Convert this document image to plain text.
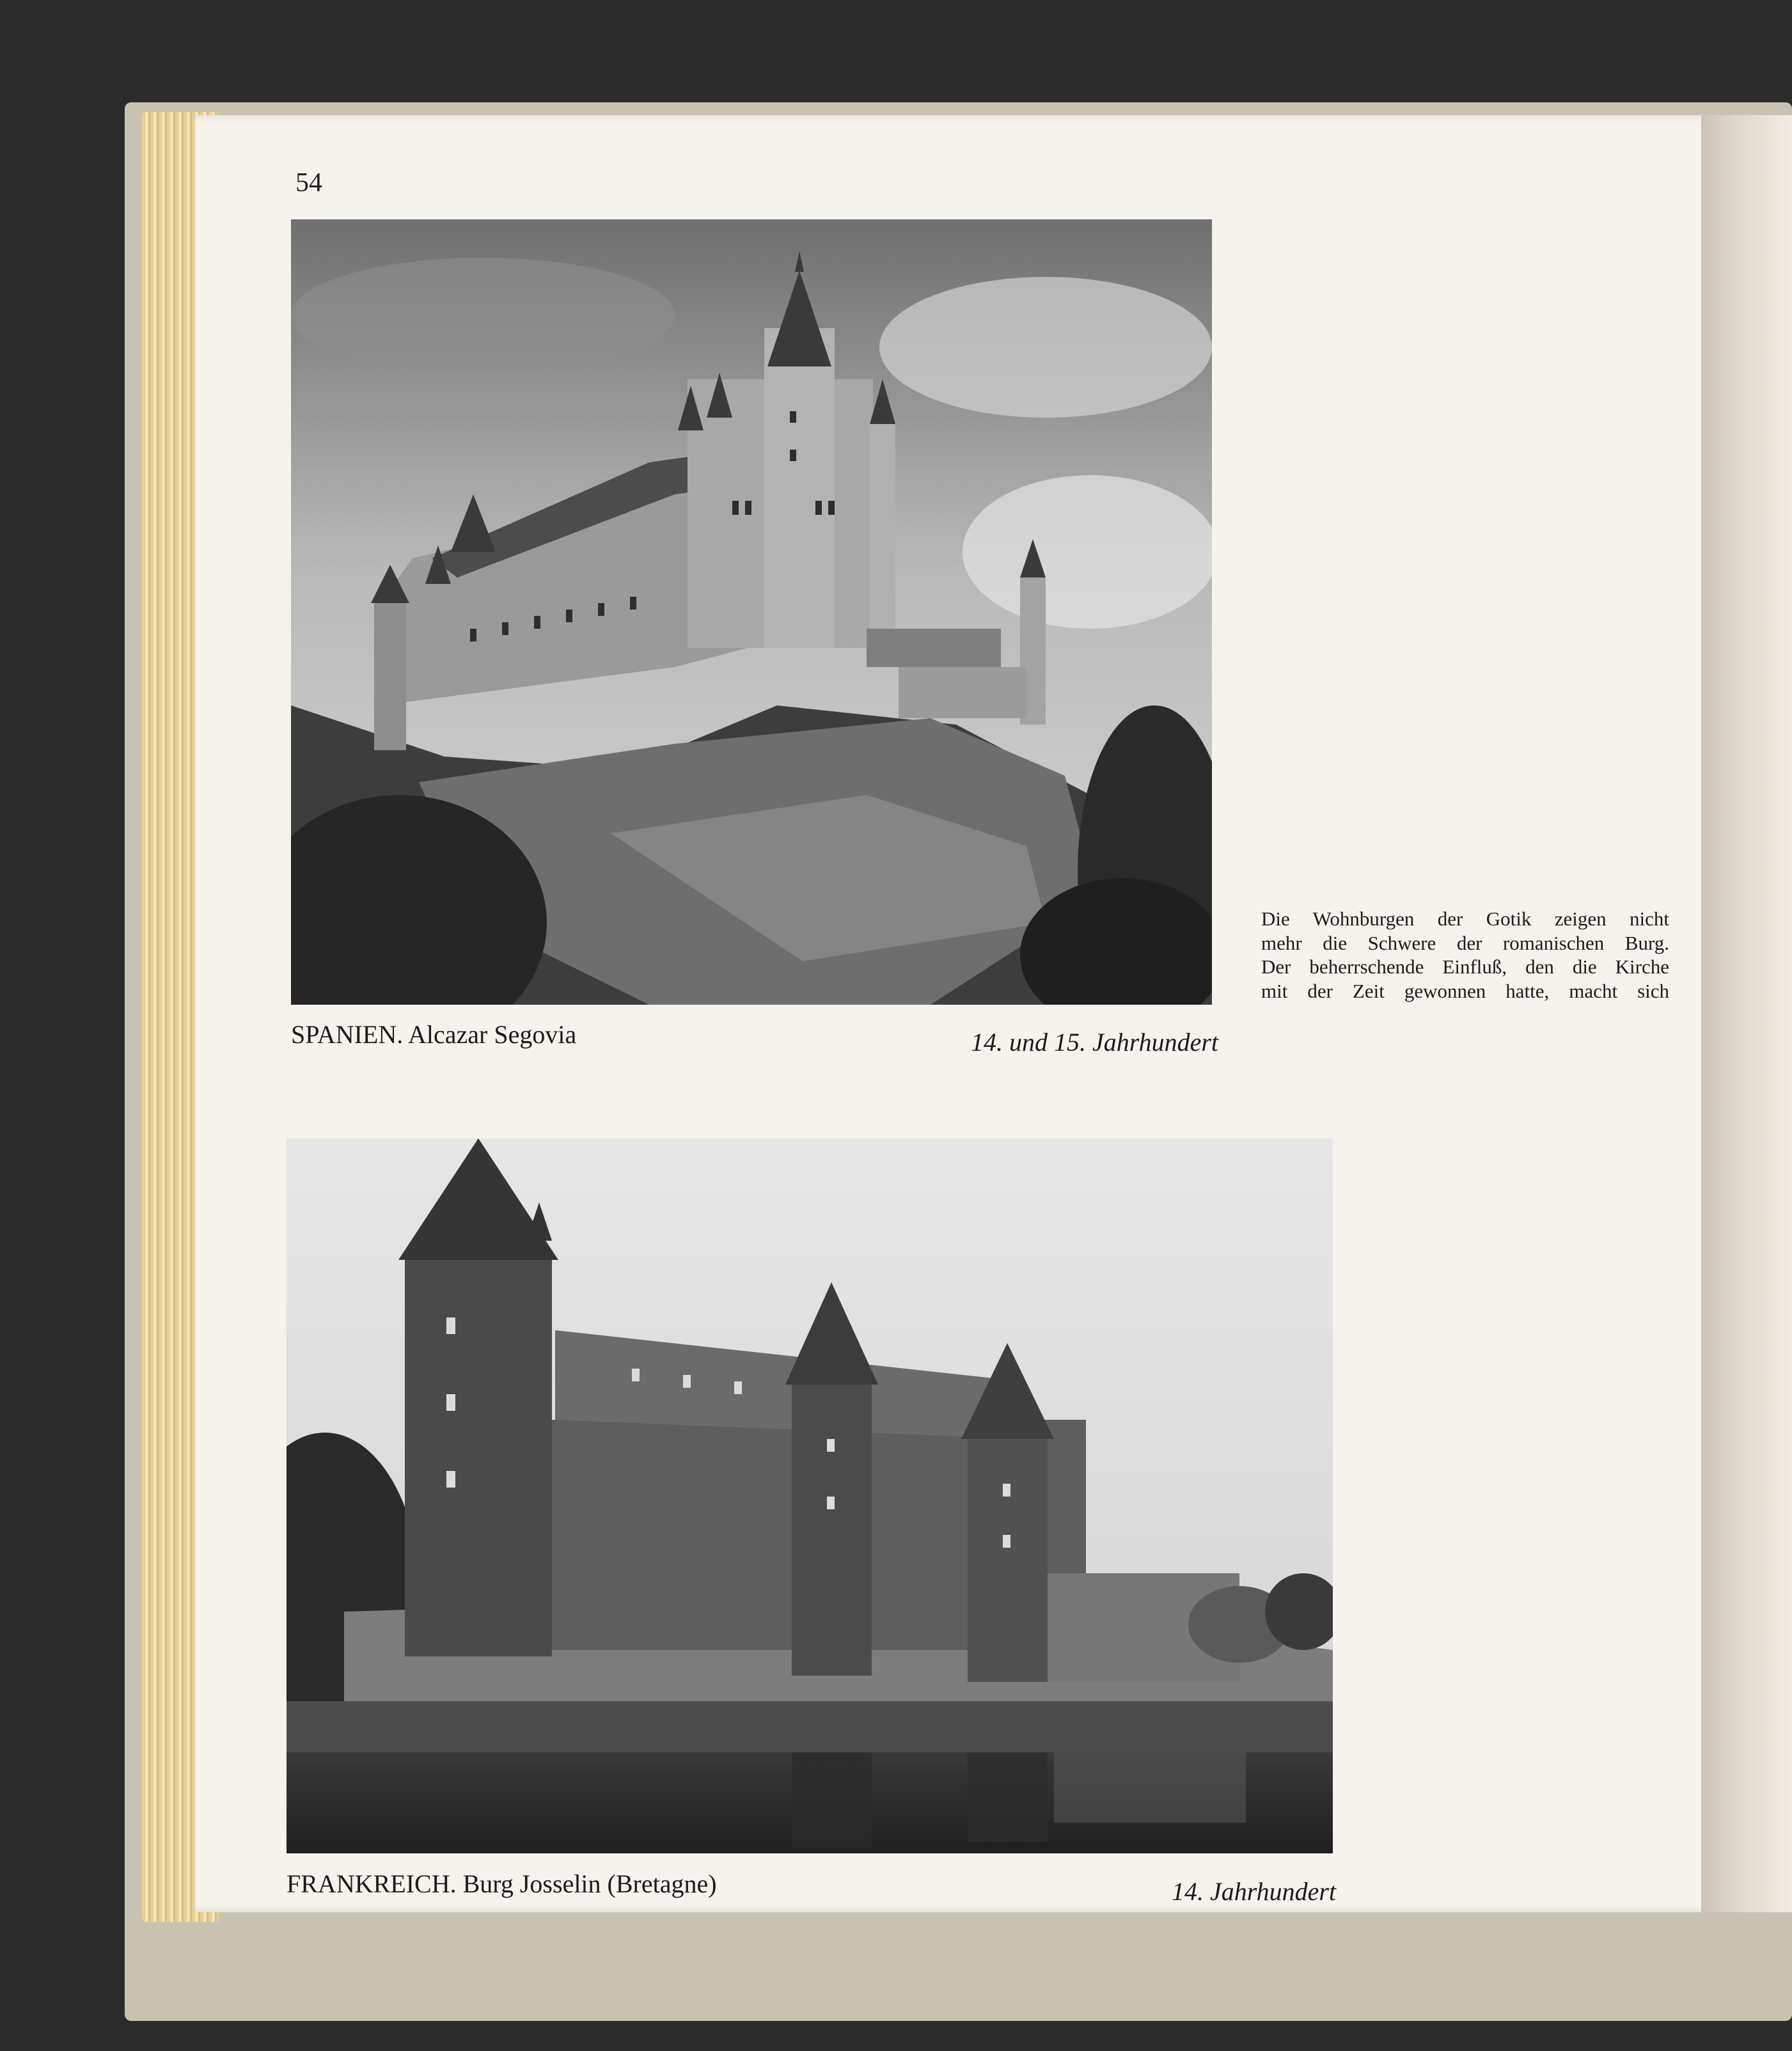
54
SPANIEN. Alcazar Segovia	14. und 15. Jahrhundert
Die Wohnburgen der Gotik zeigen nicht
mehr die Schwere der romanischen Burg.
Der beherrschende Einfluß, den die Kirche
mit der Zeit gewonnen hatte, macht sich
FRANKREICH. Burg Josselin (Bretagne)	14. Jahrhundert
